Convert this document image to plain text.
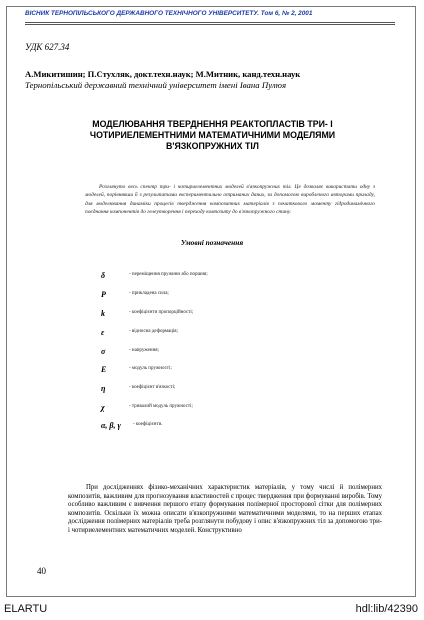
ВІСНИК ТЕРНОПІЛЬСЬКОГО ДЕРЖАВНОГО ТЕХНІЧНОГО УНІВЕРСИТЕТУ. Том 6, № 2, 2001
УДК 627.34
А.Микитишин; П.Стухляк, докт.техн.наук; М.Митник, канд.техн.наук
Тернопільський державний технічний університет імені Івана Пулюя
МОДЕЛЮВАННЯ ТВЕРДНЕННЯ РЕАКТОПЛАСТІВ ТРИ- І
ЧОТИРИЕЛЕМЕНТНИМИ МАТЕМАТИЧНИМИ МОДЕЛЯМИ
В'ЯЗКОПРУЖНИХ ТІЛ
Розглянуто весь спектр три- і чотириелементних моделей в'язкопружних тіл. Це дозволяє використати одну з моделей, порівнявши її з результатами експериментально отриманих даних, за допомогою виробленого авторами приладу, для моделювання динаміки процесів твердження композитних матеріалів з початкового моменту гідродинамічного поєднання компонентів до гелеутворення і переходу композиту до в'язкопружного стану.
Умовні позначення
δ	- переміщення пружини або поршня;
P	- прикладена сила;
k	- коефіцієнти пропорційності;
ε	- відносна деформація;
σ	- напруження;
E	- модуль пружності;
η	- коефіцієнт в'язкості;
χ	- тривалий модуль пружності;
α, β, γ	- коефіцієнти.
При дослідженнях фізико-механічних характеристик матеріалів, у тому числі й полімерних композитів, важливим для прогнозування властивостей є процес твердження при формуванні виробів. Тому особливо важливим є вивчення першого етапу формування полімерної просторової сітки для полімерних композитів. Оскільки їх можна описати в'язкопружними математичними моделями, то на перших етапах дослідження полімерних матеріалів треба розглянути побудову і опис в'язкопружних тіл за допомогою три- і чотириелементних математичних моделей. Конструктивно
40
ELARTU	hdl:lib/42390
